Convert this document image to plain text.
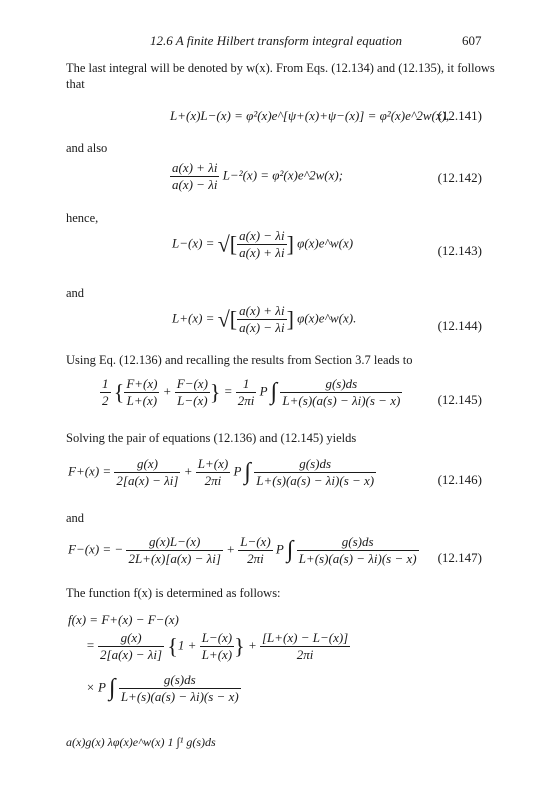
12.6 A finite Hilbert transform integral equation	607
The last integral will be denoted by w(x). From Eqs. (12.134) and (12.135), it follows
that
L+(x)L−(x) = φ²(x)e^[ψ+(x)+ψ−(x)] = φ²(x)e^2w(x),
(12.141)
and also
$\frac{a(x) + \lambda i}{a(x) - \lambda i} L-^2(x)$ = φ²(x)e^2w(x);	(12.142)
hence,
L−(x) = √[ $\frac{a(x) - \lambda i}{a(x) + \lambda i}$ ] φ(x)e^w(x)
(12.143)
and
L+(x) = √[ $\frac{a(x) + \lambda i}{a(x) - \lambda i}$ ] φ(x)e^w(x).
(12.144)
Using Eq. (12.136) and recalling the results from Section 3.7 leads to
$\frac{1}{2}$ { $\frac{F+(x)}{L+(x)} + \frac{F-(x)}{L-(x)}$ } = $\frac{1}{2\pi i}$ P ∫ $\frac{g(s)ds}{L+(s)(a(s) - \lambda i)(s - x)}$	(12.145)
Solving the pair of equations (12.136) and (12.145) yields
$F+(x) = \frac{g(x)}{2[a(x) - \lambda i]} + \frac{L+(x)}{2\pi i}$ P ∫ $\frac{g(s)ds}{L+(s)(a(s) - \lambda i)(s - x)}$	(12.146)
and
F−(x) = − $\frac{g(x)L-(x)}{2L+(x)[a(x) - \lambda i]} + \frac{L-(x)}{2\pi i}$ P ∫ $\frac{g(s)ds}{L+(s)(a(s) - \lambda i)(s - x)} (12.147)$
The function f(x) is determined as follows:
f(x) = F+(x) − F−(x)
= $\frac{g(x)}{2[a(x) - \lambda i]} \{1 + \frac{L-(x)}{L+(x)}$ } + $\frac{[L+(x) - L-(x)]}{2\pi i}$
× P ∫ $\frac{g(s)ds}{L+(s)(a(s) - \lambda i)(s - x)}$
a(x)g(x) λφ(x)e^w(x) 1 ∫¹ g(s)ds
